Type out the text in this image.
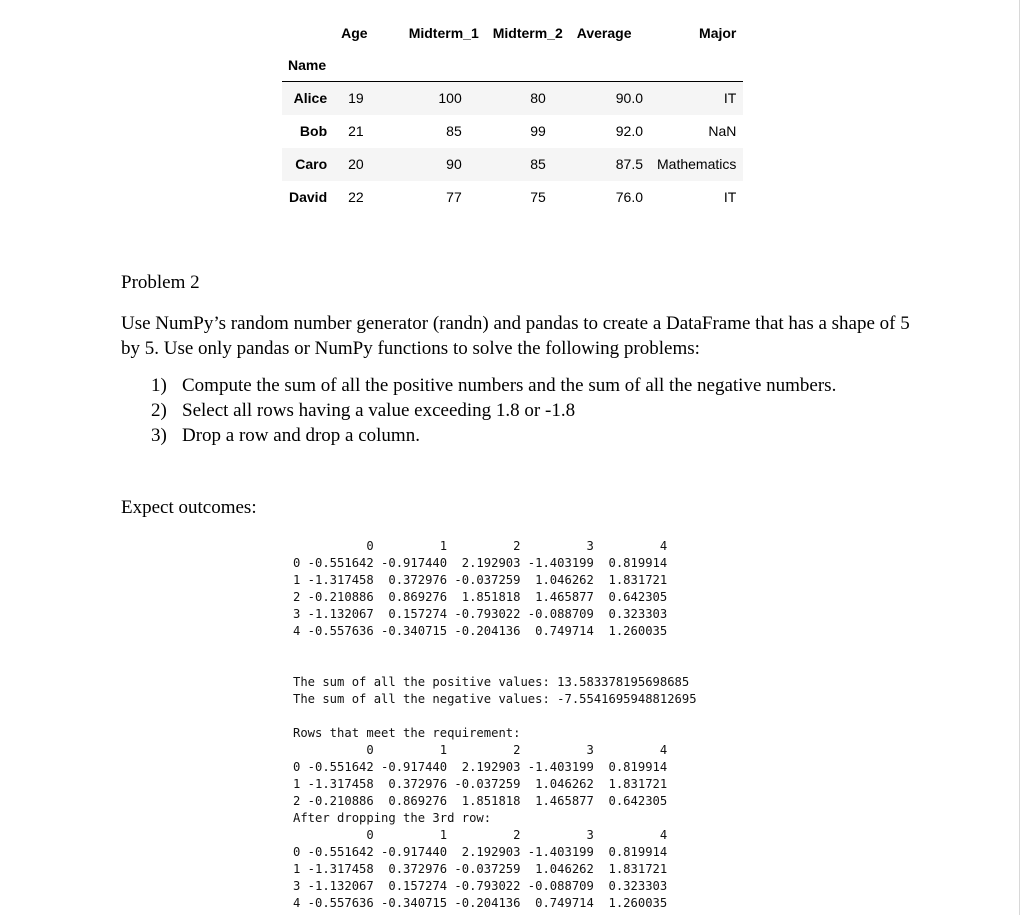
	Age	Midterm_1	Midterm_2	Average	Major
Name					
Alice	19	100	80	90.0	IT
Bob	21	85	99	92.0	NaN
Caro	20	90	85	87.5	Mathematics
David	22	77	75	76.0	IT
Problem 2
Use NumPy’s random number generator (randn) and pandas to create a DataFrame that has a shape of 5 by 5. Use only pandas or NumPy functions to solve the following problems:
1) Compute the sum of all the positive numbers and the sum of all the negative numbers.
2) Select all rows having a value exceeding 1.8 or -1.8
3) Drop a row and drop a column.
Expect outcomes:
0         1         2         3         4
0 -0.551642 -0.917440  2.192903 -1.403199  0.819914
1 -1.317458  0.372976 -0.037259  1.046262  1.831721
2 -0.210886  0.869276  1.851818  1.465877  0.642305
3 -1.132067  0.157274 -0.793022 -0.088709  0.323303
4 -0.557636 -0.340715 -0.204136  0.749714  1.260035
The sum of all the positive values: 13.583378195698685
The sum of all the negative values: -7.5541695948812695
Rows that meet the requirement:
0         1         2         3         4
0 -0.551642 -0.917440  2.192903 -1.403199  0.819914
1 -1.317458  0.372976 -0.037259  1.046262  1.831721
2 -0.210886  0.869276  1.851818  1.465877  0.642305
After dropping the 3rd row:
0         1         2         3         4
0 -0.551642 -0.917440  2.192903 -1.403199  0.819914
1 -1.317458  0.372976 -0.037259  1.046262  1.831721
3 -1.132067  0.157274 -0.793022 -0.088709  0.323303
4 -0.557636 -0.340715 -0.204136  0.749714  1.260035
